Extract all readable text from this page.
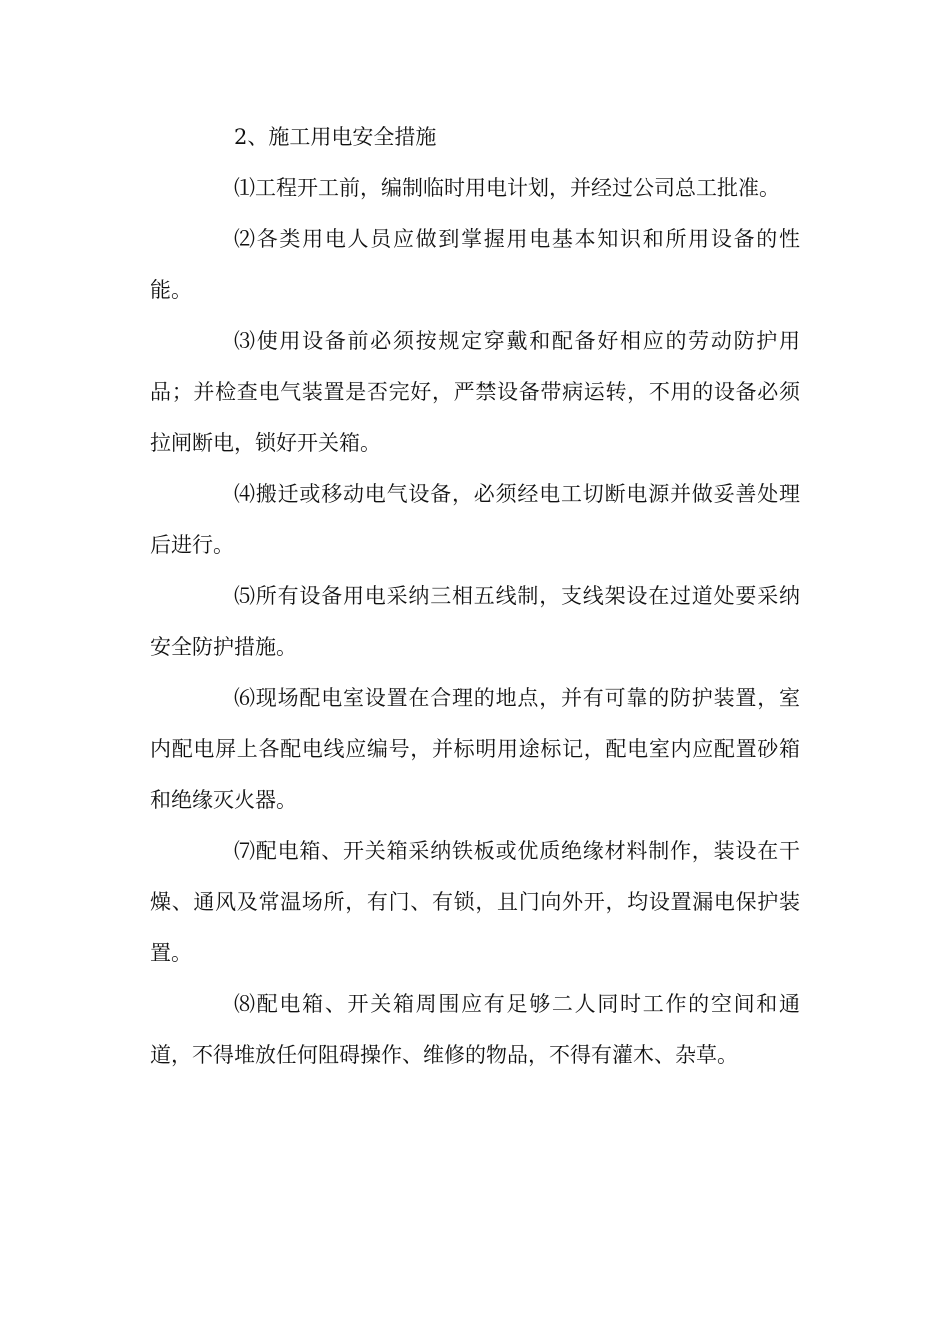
2、施工用电安全措施

⑴工程开工前，编制临时用电计划，并经过公司总工批准。

⑵各类用电人员应做到掌握用电基本知识和所用设备的性能。

⑶使用设备前必须按规定穿戴和配备好相应的劳动防护用品；并检查电气装置是否完好，严禁设备带病运转，不用的设备必须拉闸断电，锁好开关箱。

⑷搬迁或移动电气设备，必须经电工切断电源并做妥善处理后进行。

⑸所有设备用电采纳三相五线制，支线架设在过道处要采纳安全防护措施。

⑹现场配电室设置在合理的地点，并有可靠的防护装置，室内配电屏上各配电线应编号，并标明用途标记，配电室内应配置砂箱和绝缘灭火器。

⑺配电箱、开关箱采纳铁板或优质绝缘材料制作，装设在干燥、通风及常温场所，有门、有锁，且门向外开，均设置漏电保护装置。

⑻配电箱、开关箱周围应有足够二人同时工作的空间和通道，不得堆放任何阻碍操作、维修的物品，不得有灌木、杂草。
